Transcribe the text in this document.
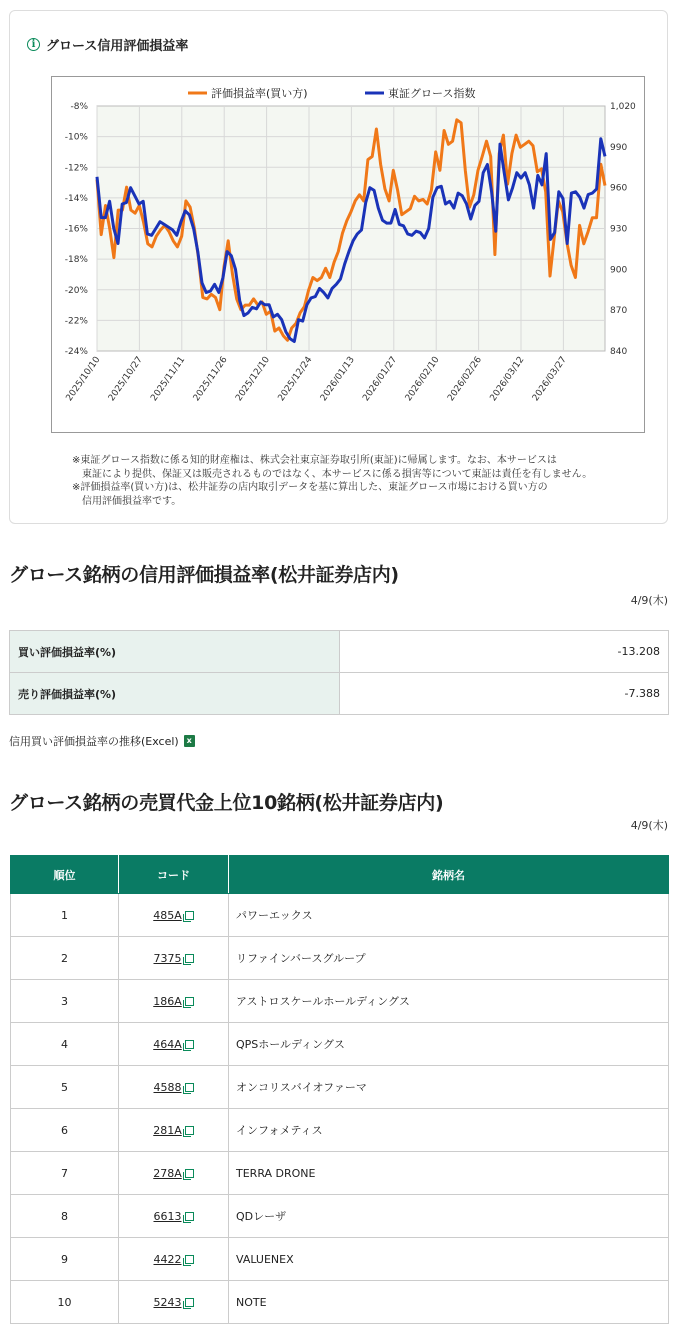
i グロース信用評価損益率
-8%
-10%
-12%
-14%
-16%
-18%
-20%
-22%
-24%
1,020
990
960
930
900
870
840
2025/10/10 2025/10/27 2025/11/11 2025/11/26 2025/12/10 2025/12/24 2026/01/13 2026/01/27 2026/02/10 2026/02/26 2026/03/12 2026/03/27
評価損益率(買い方)	東証グロース指数
※東証グロース指数に係る知的財産権は、株式会社東京証券取引所(東証)に帰属します。なお、本サービスは
東証により提供、保証又は販売されるものではなく、本サービスに係る損害等について東証は責任を有しません。
※評価損益率(買い方)は、松井証券の店内取引データを基に算出した、東証グロース市場における買い方の
信用評価損益率です。
グロース銘柄の信用評価損益率(松井証券店内)
4/9(木)
買い評価損益率(%)	-13.208
売り評価損益率(%)	-7.388
信用買い評価損益率の推移(Excel) x
グロース銘柄の売買代金上位10銘柄(松井証券店内)
4/9(木)
順位	コード	銘柄名
1	485A	パワーエックス
2	7375	リファインバースグループ
3	186A	アストロスケールホールディングス
4	464A	QPSホールディングス
5	4588	オンコリスバイオファーマ
6	281A	インフォメティス
7	278A	TERRA DRONE
8	6613	QDレーザ
9	4422	VALUENEX
10	5243	NOTE
